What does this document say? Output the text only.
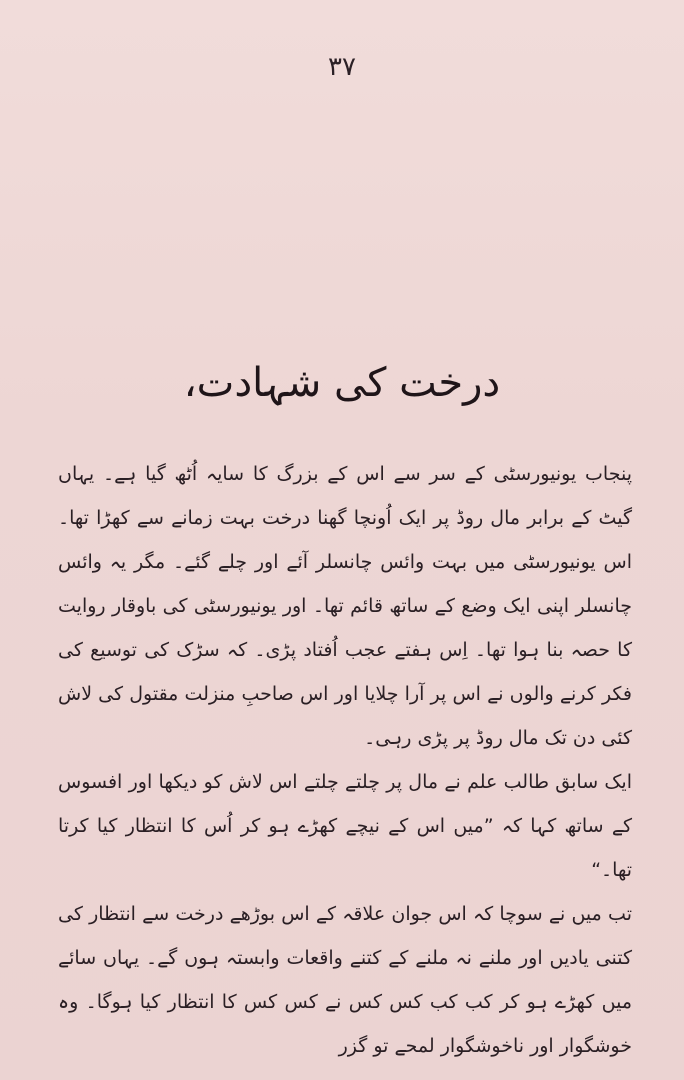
۳۷
درخت کی شہادت،

پنجاب یونیورسٹی کے سر سے اس کے بزرگ کا سایہ اُٹھ گیا ہے۔ یہاں گیٹ کے برابر مال روڈ پر ایک اُونچا گھنا درخت بہت زمانے سے کھڑا تھا۔ اس یونیورسٹی میں بہت وائس چانسلر آئے اور چلے گئے۔ مگر یہ وائس چانسلر اپنی ایک وضع کے ساتھ قائم تھا۔ اور یونیورسٹی کی باوقار روایت کا حصہ بنا ہوا تھا۔ اِس ہفتے عجب اُفتاد پڑی۔ کہ سڑک کی توسیع کی فکر کرنے والوں نے اس پر آرا چلایا اور اس صاحبِ منزلت مقتول کی لاش کئی دن تک مال روڈ پر پڑی رہی۔

ایک سابق طالب علم نے مال پر چلتے چلتے اس لاش کو دیکھا اور افسوس کے ساتھ کہا کہ ”میں اس کے نیچے کھڑے ہو کر اُس کا انتظار کیا کرتا تھا۔“

تب میں نے سوچا کہ اس جوان علاقہ کے اس بوڑھے درخت سے انتظار کی کتنی یادیں اور ملنے نہ ملنے کے کتنے واقعات وابستہ ہوں گے۔ یہاں سائے میں کھڑے ہو کر کب کب کس کس نے کس کس کا انتظار کیا ہوگا۔ وہ خوشگوار اور ناخوشگوار لمحے تو گزر
